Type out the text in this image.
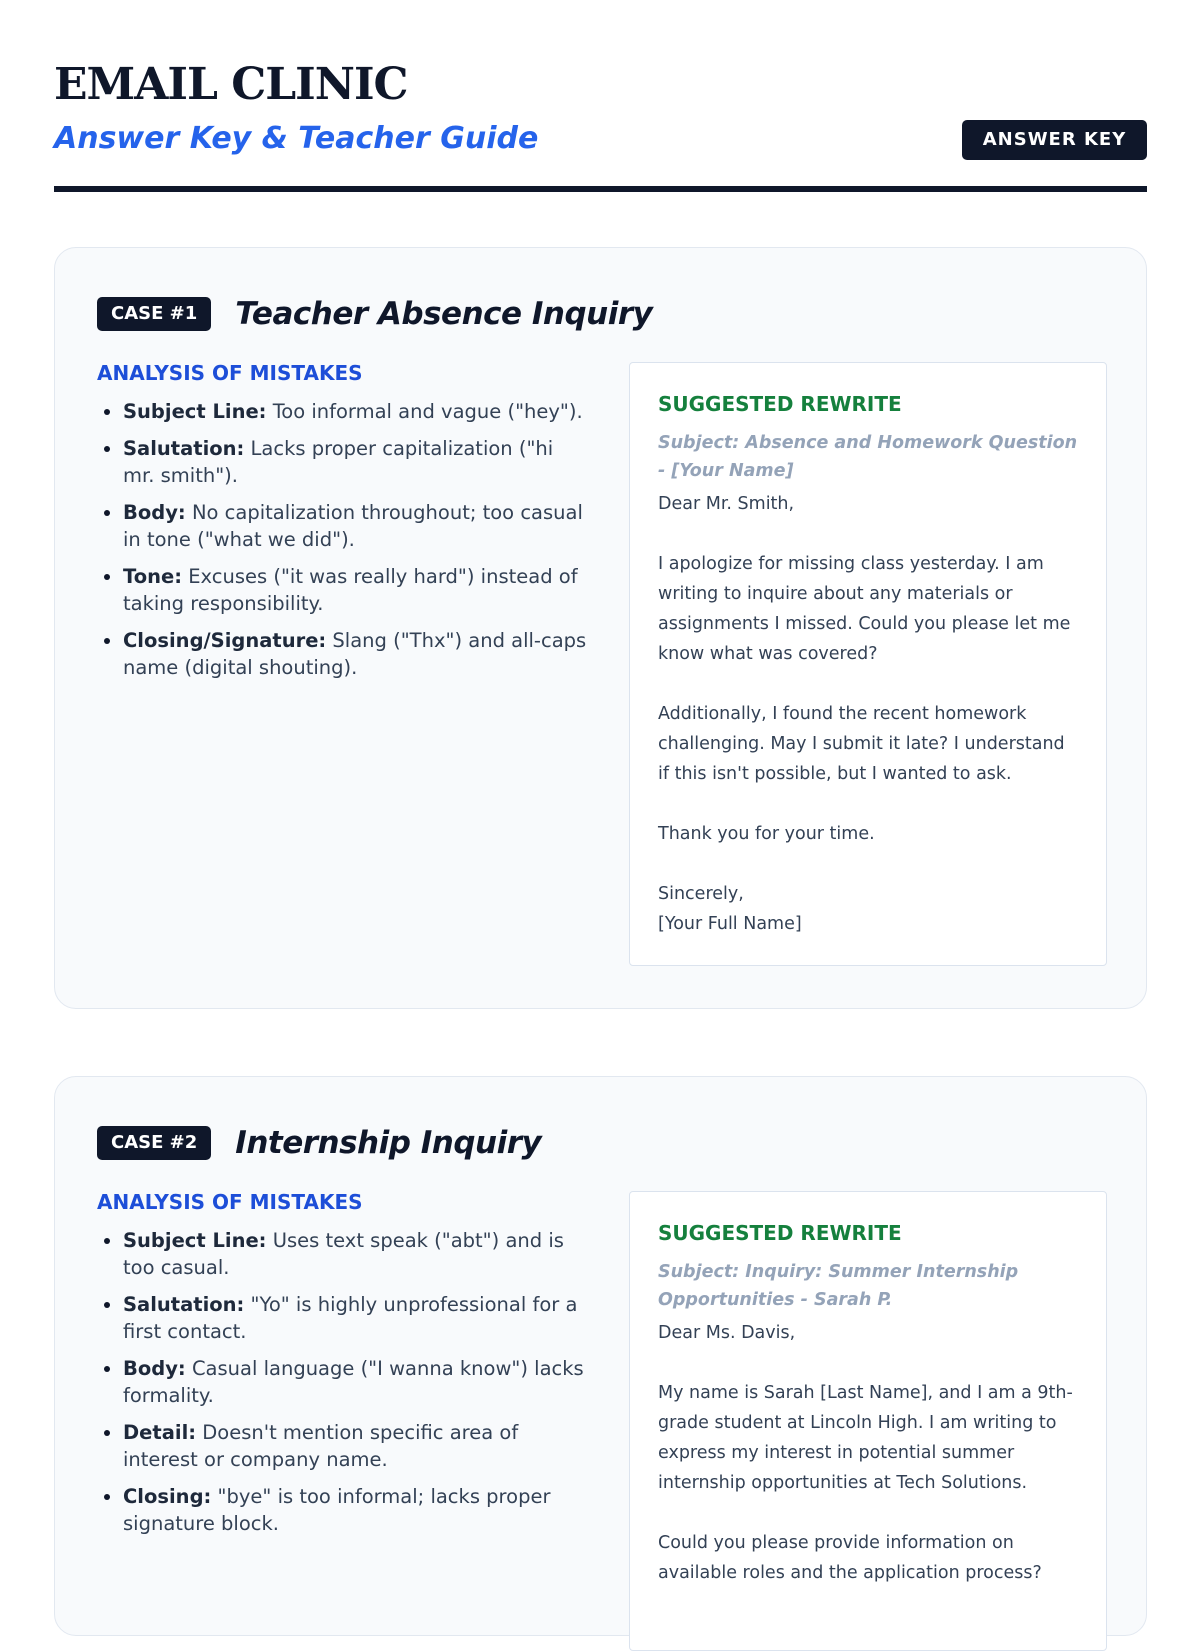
EMAIL CLINIC
Answer Key & Teacher Guide	ANSWER KEY
CASE #1	Teacher Absence Inquiry
ANALYSIS OF MISTAKES
• Subject Line: Too informal and vague ("hey").
• Salutation: Lacks proper capitalization ("hi mr. smith").
• Body: No capitalization throughout; too casual in tone ("what we did").
• Tone: Excuses ("it was really hard") instead of taking responsibility.
• Closing/Signature: Slang ("Thx") and all-caps name (digital shouting).
SUGGESTED REWRITE

Subject: Absence and Homework Question - [Your Name]

Dear Mr. Smith,

I apologize for missing class yesterday. I am writing to inquire about any materials or assignments I missed. Could you please let me know what was covered?

Additionally, I found the recent homework challenging. May I submit it late? I understand if this isn't possible, but I wanted to ask.

Thank you for your time.

Sincerely,
[Your Full Name]

CASE #2	Internship Inquiry
ANALYSIS OF MISTAKES
• Subject Line: Uses text speak ("abt") and is too casual.
• Salutation: "Yo" is highly unprofessional for a first contact.
• Body: Casual language ("I wanna know") lacks formality.
• Detail: Doesn't mention specific area of interest or company name.
• Closing: "bye" is too informal; lacks proper signature block.
SUGGESTED REWRITE

Subject: Inquiry: Summer Internship Opportunities - Sarah P.

Dear Ms. Davis,

My name is Sarah [Last Name], and I am a 9th-grade student at Lincoln High. I am writing to express my interest in potential summer internship opportunities at Tech Solutions.

Could you please provide information on available roles and the application process?
